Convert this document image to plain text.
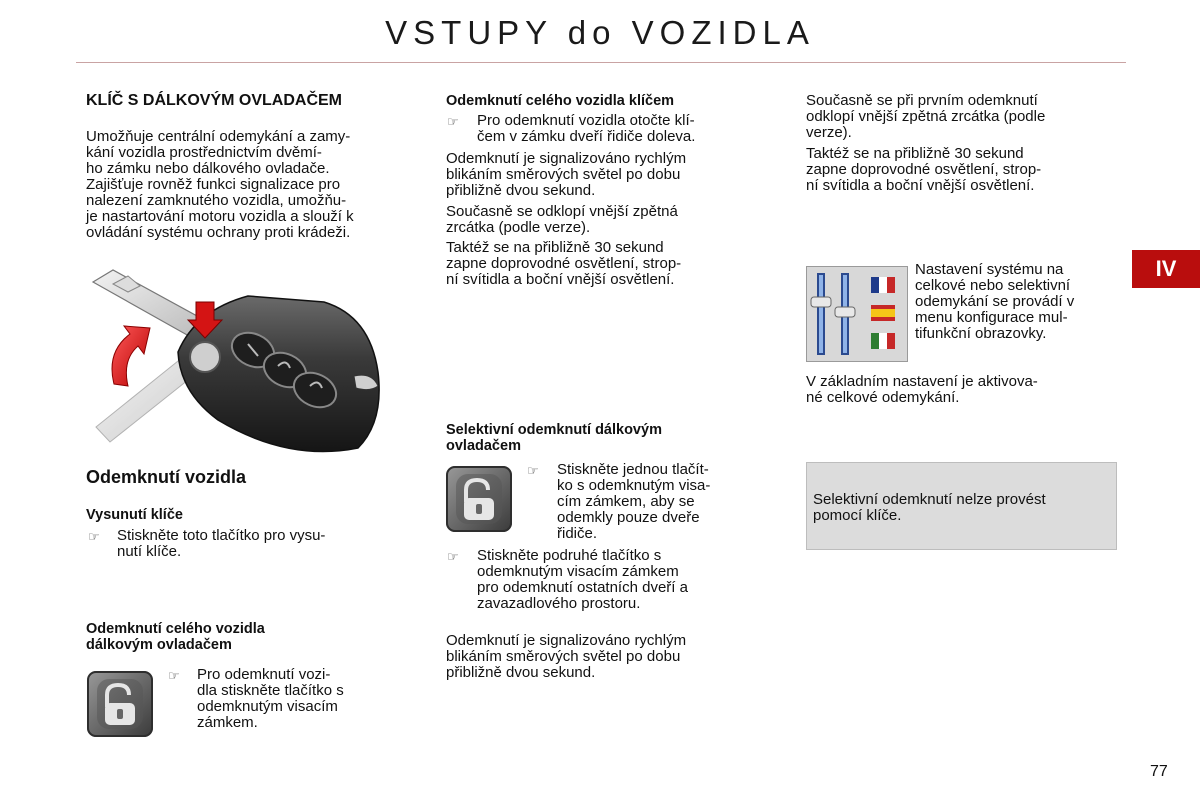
VSTUPY do VOZIDLA
IV
KLÍČ S DÁLKOVÝM OVLADAČEM
Umožňuje centrální odemykání a zamy-
kání vozidla prostřednictvím dvěmí-
ho zámku nebo dálkového ovladače.
Zajišťuje rovněž funkci signalizace pro
nalezení zamknutého vozidla, umožňu-
je nastartování motoru vozidla a slouží k
ovládání systému ochrany proti krádeži.
Odemknutí vozidla
Vysunutí klíče
☞ Stiskněte toto tlačítko pro vysu-
nutí klíče.
Odemknutí celého vozidla
dálkovým ovladačem
☞ Pro odemknutí vozi-
dla stiskněte tlačítko s
odemknutým visacím
zámkem.
Odemknutí celého vozidla klíčem
☞ Pro odemknutí vozidla otočte klí-
čem v zámku dveří řidiče doleva.
Odemknutí je signalizováno rychlým
blikáním směrových světel po dobu
přibližně dvou sekund.
Současně se odklopí vnější zpětná
zrcátka (podle verze).
Taktéž se na přibližně 30 sekund
zapne doprovodné osvětlení, strop-
ní svítidla a boční vnější osvětlení.
Selektivní odemknutí dálkovým
ovladačem
☞ Stiskněte jednou tlačít-
ko s odemknutým visa-
cím zámkem, aby se
odemkly pouze dveře
řidiče.
☞ Stiskněte podruhé tlačítko s
odemknutým visacím zámkem
pro odemknutí ostatních dveří a
zavazadlového prostoru.
Odemknutí je signalizováno rychlým
blikáním směrových světel po dobu
přibližně dvou sekund.
Současně se při prvním odemknutí
odklopí vnější zpětná zrcátka (podle
verze).
Taktéž se na přibližně 30 sekund
zapne doprovodné osvětlení, strop-
ní svítidla a boční vnější osvětlení.
Nastavení systému na
celkové nebo selektivní
odemykání se provádí v
menu konfigurace mul-
tifunkční obrazovky.
V základním nastavení je aktivova-
né celkové odemykání.
Selektivní odemknutí nelze provést
pomocí klíče.
77
